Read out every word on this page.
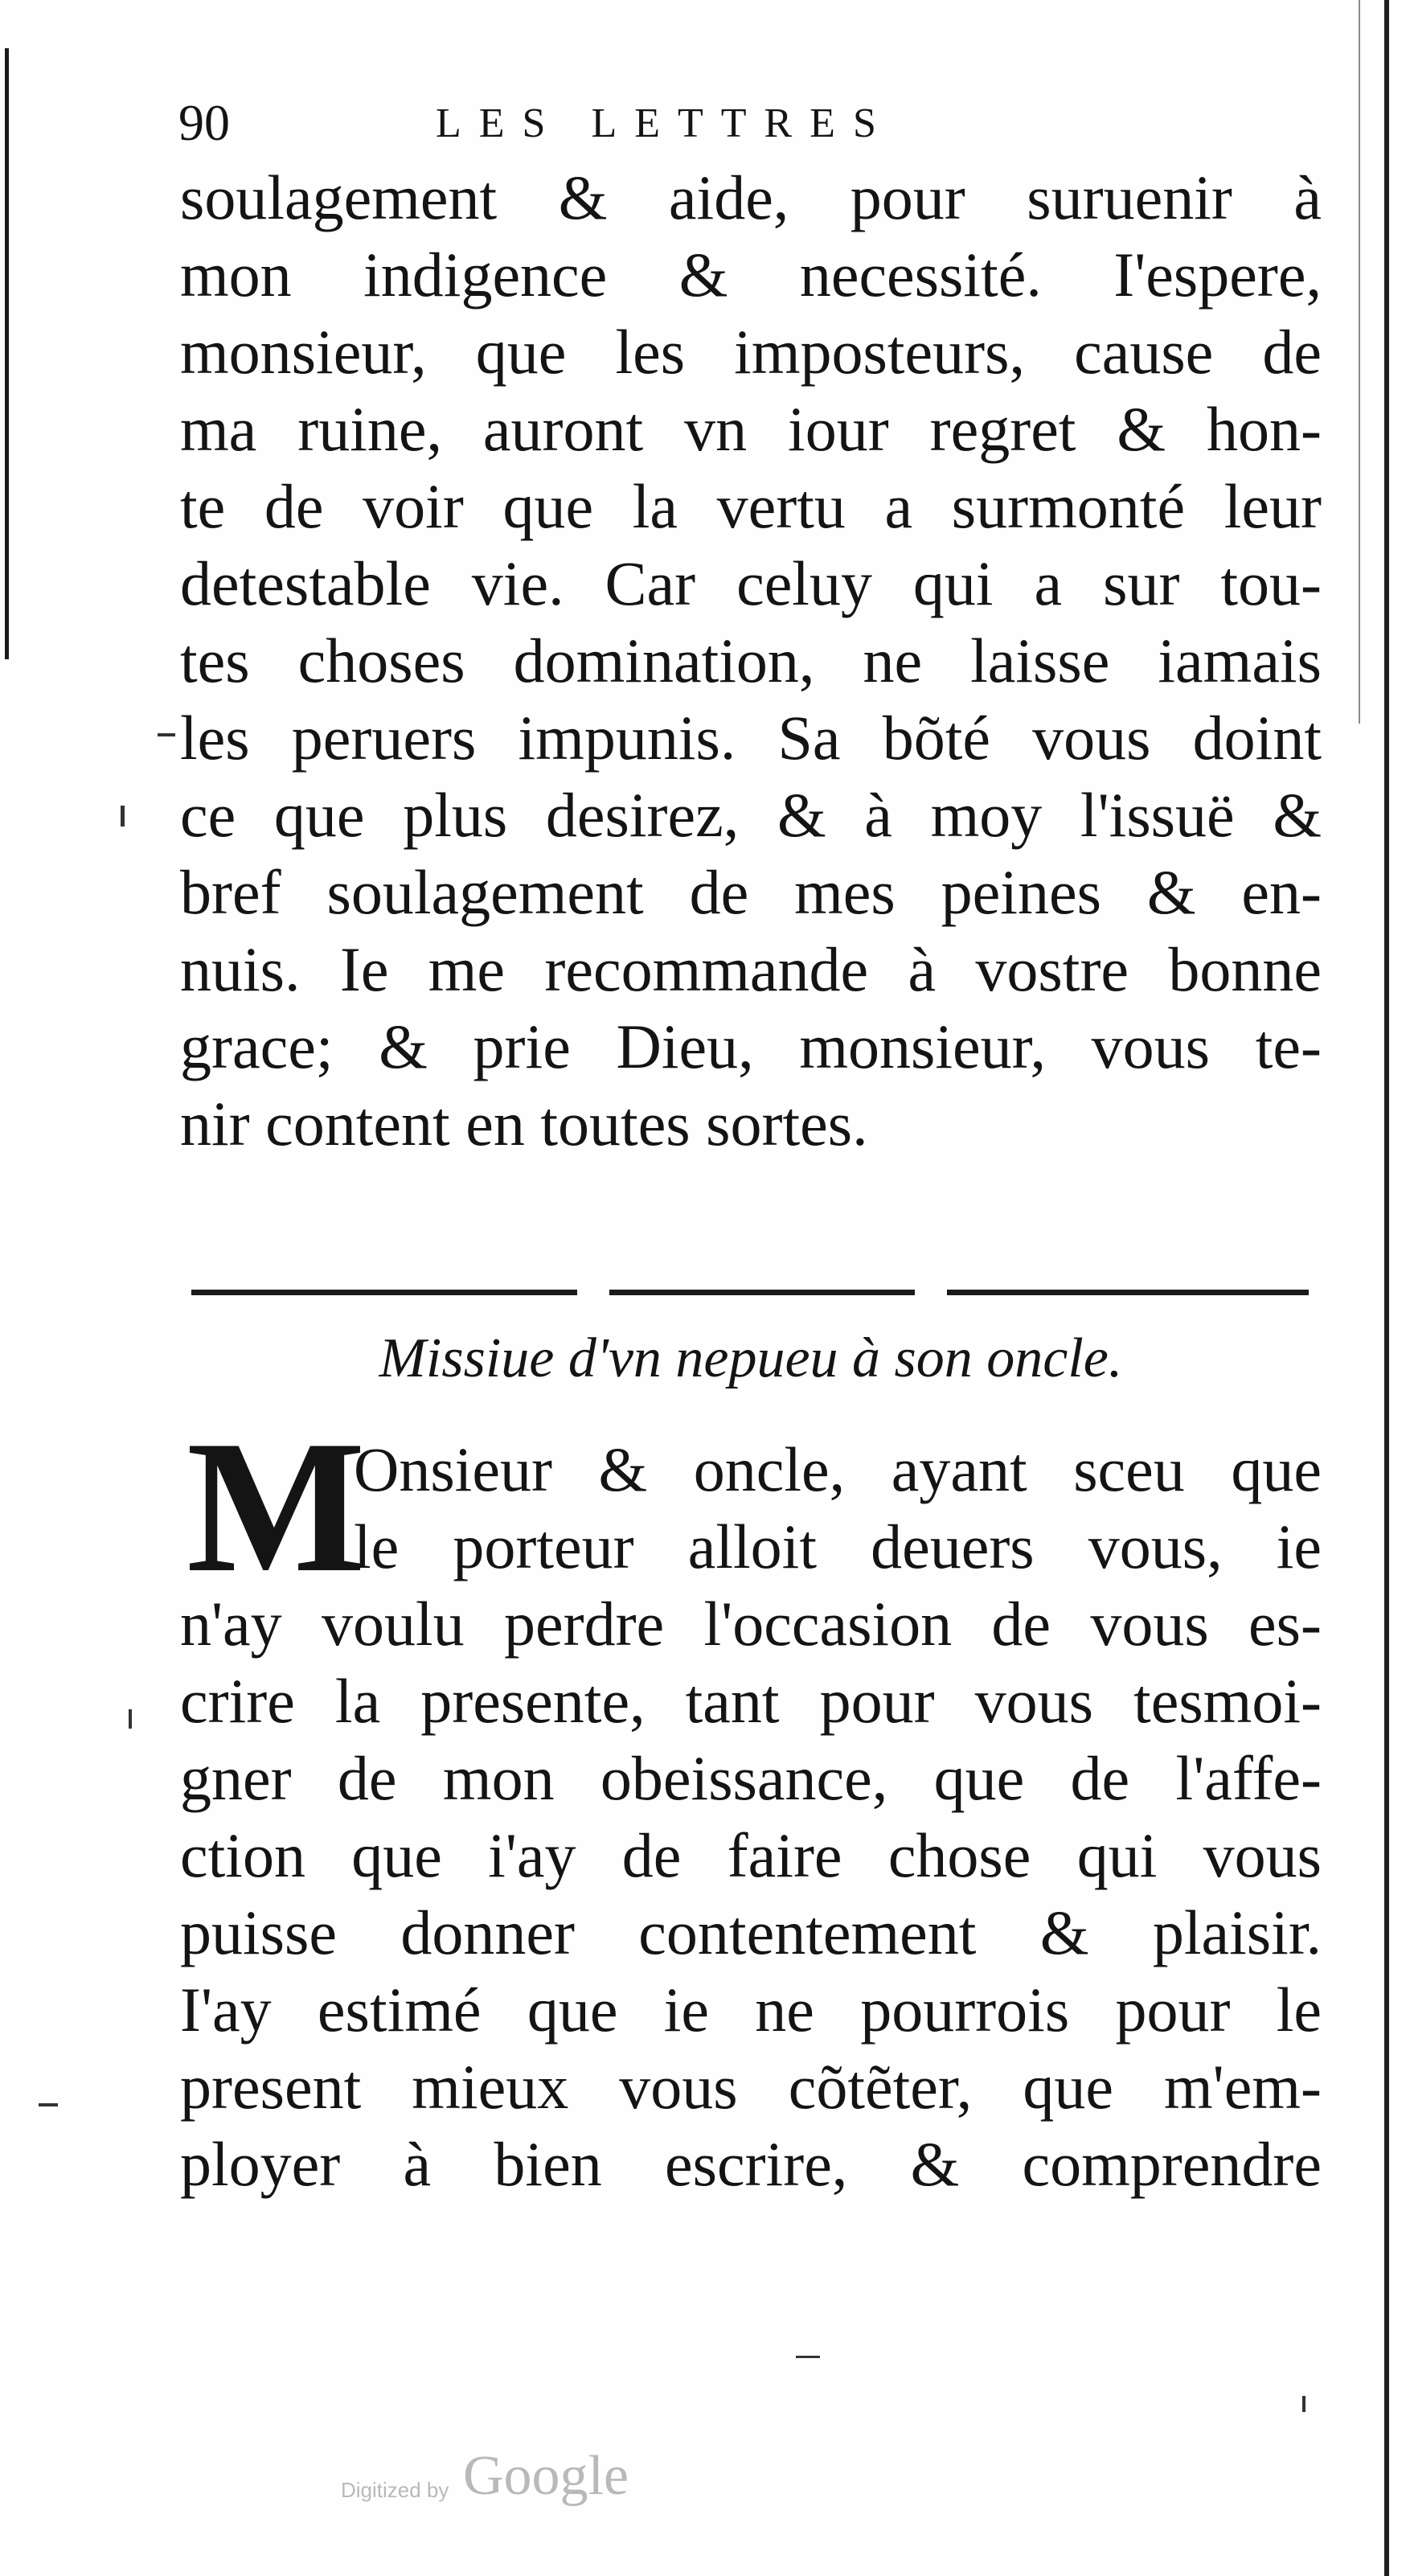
90	LES LETTRES
soulagement & aide, pour suruenir à
mon indigence & necessité. I'espere,
monsieur, que les imposteurs, cause de
ma ruine, auront vn iour regret & hon-
te de voir que la vertu a surmonté leur
detestable vie. Car celuy qui a sur tou-
tes choses domination, ne laisse iamais
les peruers impunis. Sa bõté vous doint
ce que plus desirez, & à moy l'issuë &
bref soulagement de mes peines & en-
nuis. Ie me recommande à vostre bonne
grace; & prie Dieu, monsieur, vous te-
nir content en toutes sortes.
Missiue d'vn nepueu à son oncle.
M
Onsieur & oncle, ayant sceu que
le porteur alloit deuers vous, ie
n'ay voulu perdre l'occasion de vous es-
crire la presente, tant pour vous tesmoi-
gner de mon obeissance, que de l'affe-
ction que i'ay de faire chose qui vous
puisse donner contentement & plaisir.
I'ay estimé que ie ne pourrois pour le
present mieux vous cõtẽter, que m'em-
ployer à bien escrire, & comprendre
Digitized by Google
